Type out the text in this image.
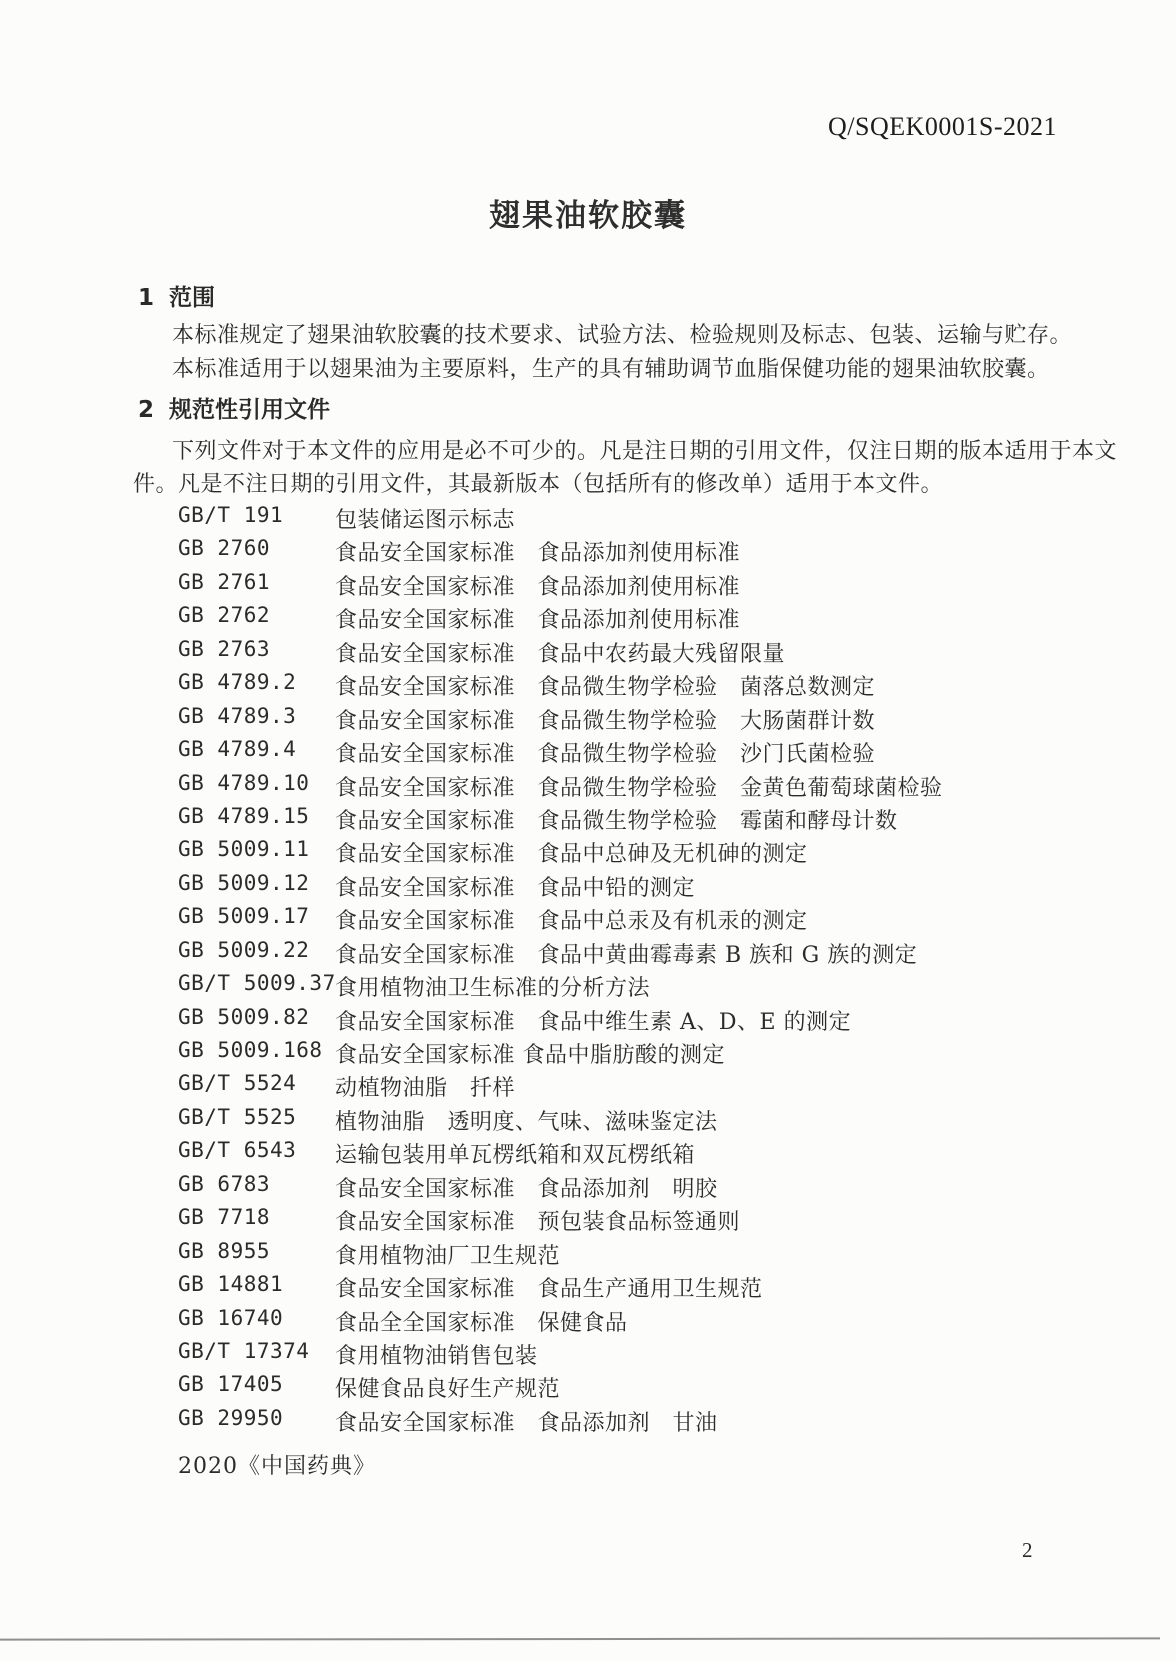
Q/SQEK0001S-2021
翅果油软胶囊
1 范围
本标准规定了翅果油软胶囊的技术要求、试验方法、检验规则及标志、包装、运输与贮存。
本标准适用于以翅果油为主要原料，生产的具有辅助调节血脂保健功能的翅果油软胶囊。
2 规范性引用文件
下列文件对于本文件的应用是必不可少的。凡是注日期的引用文件，仅注日期的版本适用于本文
件。凡是不注日期的引用文件，其最新版本（包括所有的修改单）适用于本文件。
GB/T 191	包装储运图示标志
GB 2760	食品安全国家标准　食品添加剂使用标准
GB 2761	食品安全国家标准　食品添加剂使用标准
GB 2762	食品安全国家标准　食品添加剂使用标准
GB 2763	食品安全国家标准　食品中农药最大残留限量
GB 4789.2	食品安全国家标准　食品微生物学检验　菌落总数测定
GB 4789.3	食品安全国家标准　食品微生物学检验　大肠菌群计数
GB 4789.4	食品安全国家标准　食品微生物学检验　沙门氏菌检验
GB 4789.10	食品安全国家标准　食品微生物学检验　金黄色葡萄球菌检验
GB 4789.15	食品安全国家标准　食品微生物学检验　霉菌和酵母计数
GB 5009.11	食品安全国家标准　食品中总砷及无机砷的测定
GB 5009.12	食品安全国家标准　食品中铅的测定
GB 5009.17	食品安全国家标准　食品中总汞及有机汞的测定
GB 5009.22	食品安全国家标准　食品中黄曲霉毒素 B 族和 G 族的测定
GB/T 5009.37 食用植物油卫生标准的分析方法
GB 5009.82	食品安全国家标准　食品中维生素 A、D、E 的测定
GB 5009.168 食品安全国家标准 食品中脂肪酸的测定
GB/T 5524	动植物油脂　扦样
GB/T 5525	植物油脂　透明度、气味、滋味鉴定法
GB/T 6543	运输包装用单瓦楞纸箱和双瓦楞纸箱
GB 6783	食品安全国家标准　食品添加剂　明胶
GB 7718	食品安全国家标准　预包装食品标签通则
GB 8955	食用植物油厂卫生规范
GB 14881	食品安全国家标准　食品生产通用卫生规范
GB 16740	食品全全国家标准　保健食品
GB/T 17374	食用植物油销售包装
GB 17405	保健食品良好生产规范
GB 29950	食品安全国家标准　食品添加剂　甘油
2020《中国药典》
2
